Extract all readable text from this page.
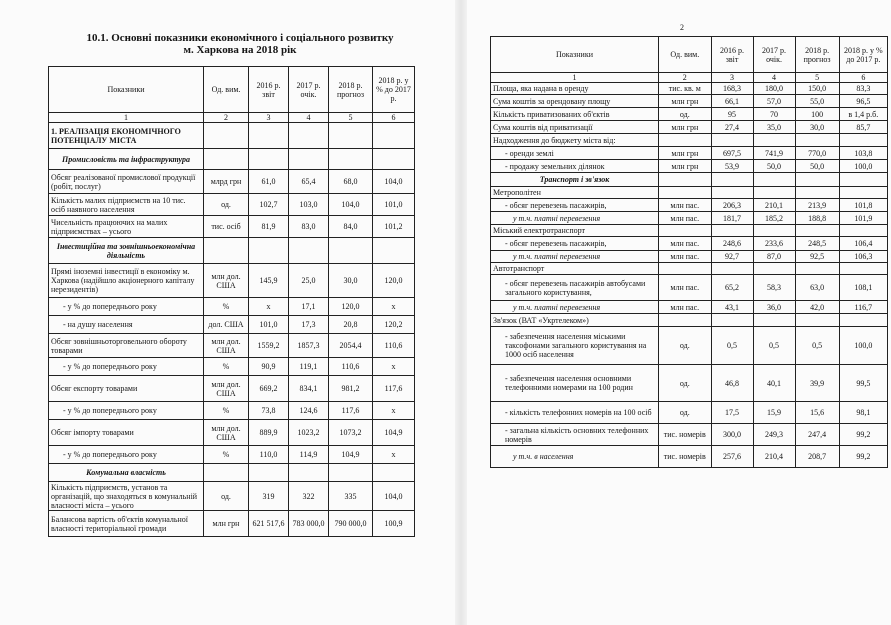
10.1. Основні показники економічного і соціального розвитку
м. Харкова на 2018 рік
Показники	Од. вим.	2016 р. звіт	2017 р. очік.	2018 р. прогноз	2018 р. у % до 2017 р.
1	2	3	4	5	6
1. РЕАЛІЗАЦІЯ ЕКОНОМІЧНОГО ПОТЕНЦІАЛУ МІСТА					
Промисловість та інфраструктура					
Обсяг реалізованої промислової продукції (робіт, послуг)	млрд грн	61,0	65,4	68,0	104,0
Кількість малих підприємств на 10 тис. осіб наявного населення	од.	102,7	103,0	104,0	101,0
Чисельність працюючих на малих підприємствах – усього	тис. осіб	81,9	83,0	84,0	101,2
Інвестиційна та зовнішньоекономічна діяльність					
Прямі іноземні інвестиції в економіку м. Харкова (надійшло акціонерного капіталу нерезидентів)	млн дол. США	145,9	25,0	30,0	120,0
- у % до попереднього року	%	х	17,1	120,0	х
- на душу населення	дол. США	101,0	17,3	20,8	120,2
Обсяг зовнішньоторговельного обороту товарами	млн дол. США	1559,2	1857,3	2054,4	110,6
- у % до попереднього року	%	90,9	119,1	110,6	х
Обсяг експорту товарами	млн дол. США	669,2	834,1	981,2	117,6
- у % до попереднього року	%	73,8	124,6	117,6	х
Обсяг імпорту товарами	млн дол. США	889,9	1023,2	1073,2	104,9
- у % до попереднього року	%	110,0	114,9	104,9	х
Комунальна власність					
Кількість підприємств, установ та організацій, що знаходяться в комунальній власності міста – усього	од.	319	322	335	104,0
Балансова вартість об'єктів комунальної власності територіальної громади	млн грн	621 517,6	783 000,0	790 000,0	100,9
2
Показники	Од. вим.	2016 р. звіт	2017 р. очік.	2018 р. прогноз	2018 р. у % до 2017 р.
1	2	3	4	5	6
Площа, яка надана в оренду	тис. кв. м	168,3	180,0	150,0	83,3
Сума коштів за орендовану площу	млн грн	66,1	57,0	55,0	96,5
Кількість приватизованих об'єктів	од.	95	70	100	в 1,4 р.б.
Сума коштів від приватизації	млн грн	27,4	35,0	30,0	85,7
Надходження до бюджету міста від:					
- оренди землі	млн грн	697,5	741,9	770,0	103,8
- продажу земельних ділянок	млн грн	53,9	50,0	50,0	100,0
Транспорт і зв'язок					
Метрополітен					
- обсяг перевезень пасажирів,	млн пас.	206,3	210,1	213,9	101,8
у т.ч. платні перевезення	млн пас.	181,7	185,2	188,8	101,9
Міський електротранспорт					
- обсяг перевезень пасажирів,	млн пас.	248,6	233,6	248,5	106,4
у т.ч. платні перевезення	млн пас.	92,7	87,0	92,5	106,3
Автотранспорт					
- обсяг перевезень пасажирів автобусами загального користування,	млн пас.	65,2	58,3	63,0	108,1
у т.ч. платні перевезення	млн пас.	43,1	36,0	42,0	116,7
Зв'язок (ВАТ «Укртелеком»)					
- забезпечення населення міськими таксофонами загального користування на 1000 осіб населення	од.	0,5	0,5	0,5	100,0
- забезпечення населення основними телефонними номерами на 100 родин	од.	46,8	40,1	39,9	99,5
- кількість телефонних номерів на 100 осіб	од.	17,5	15,9	15,6	98,1
- загальна кількість основних телефонних номерів	тис. номерів	300,0	249,3	247,4	99,2
у т.ч. в населення	тис. номерів	257,6	210,4	208,7	99,2
